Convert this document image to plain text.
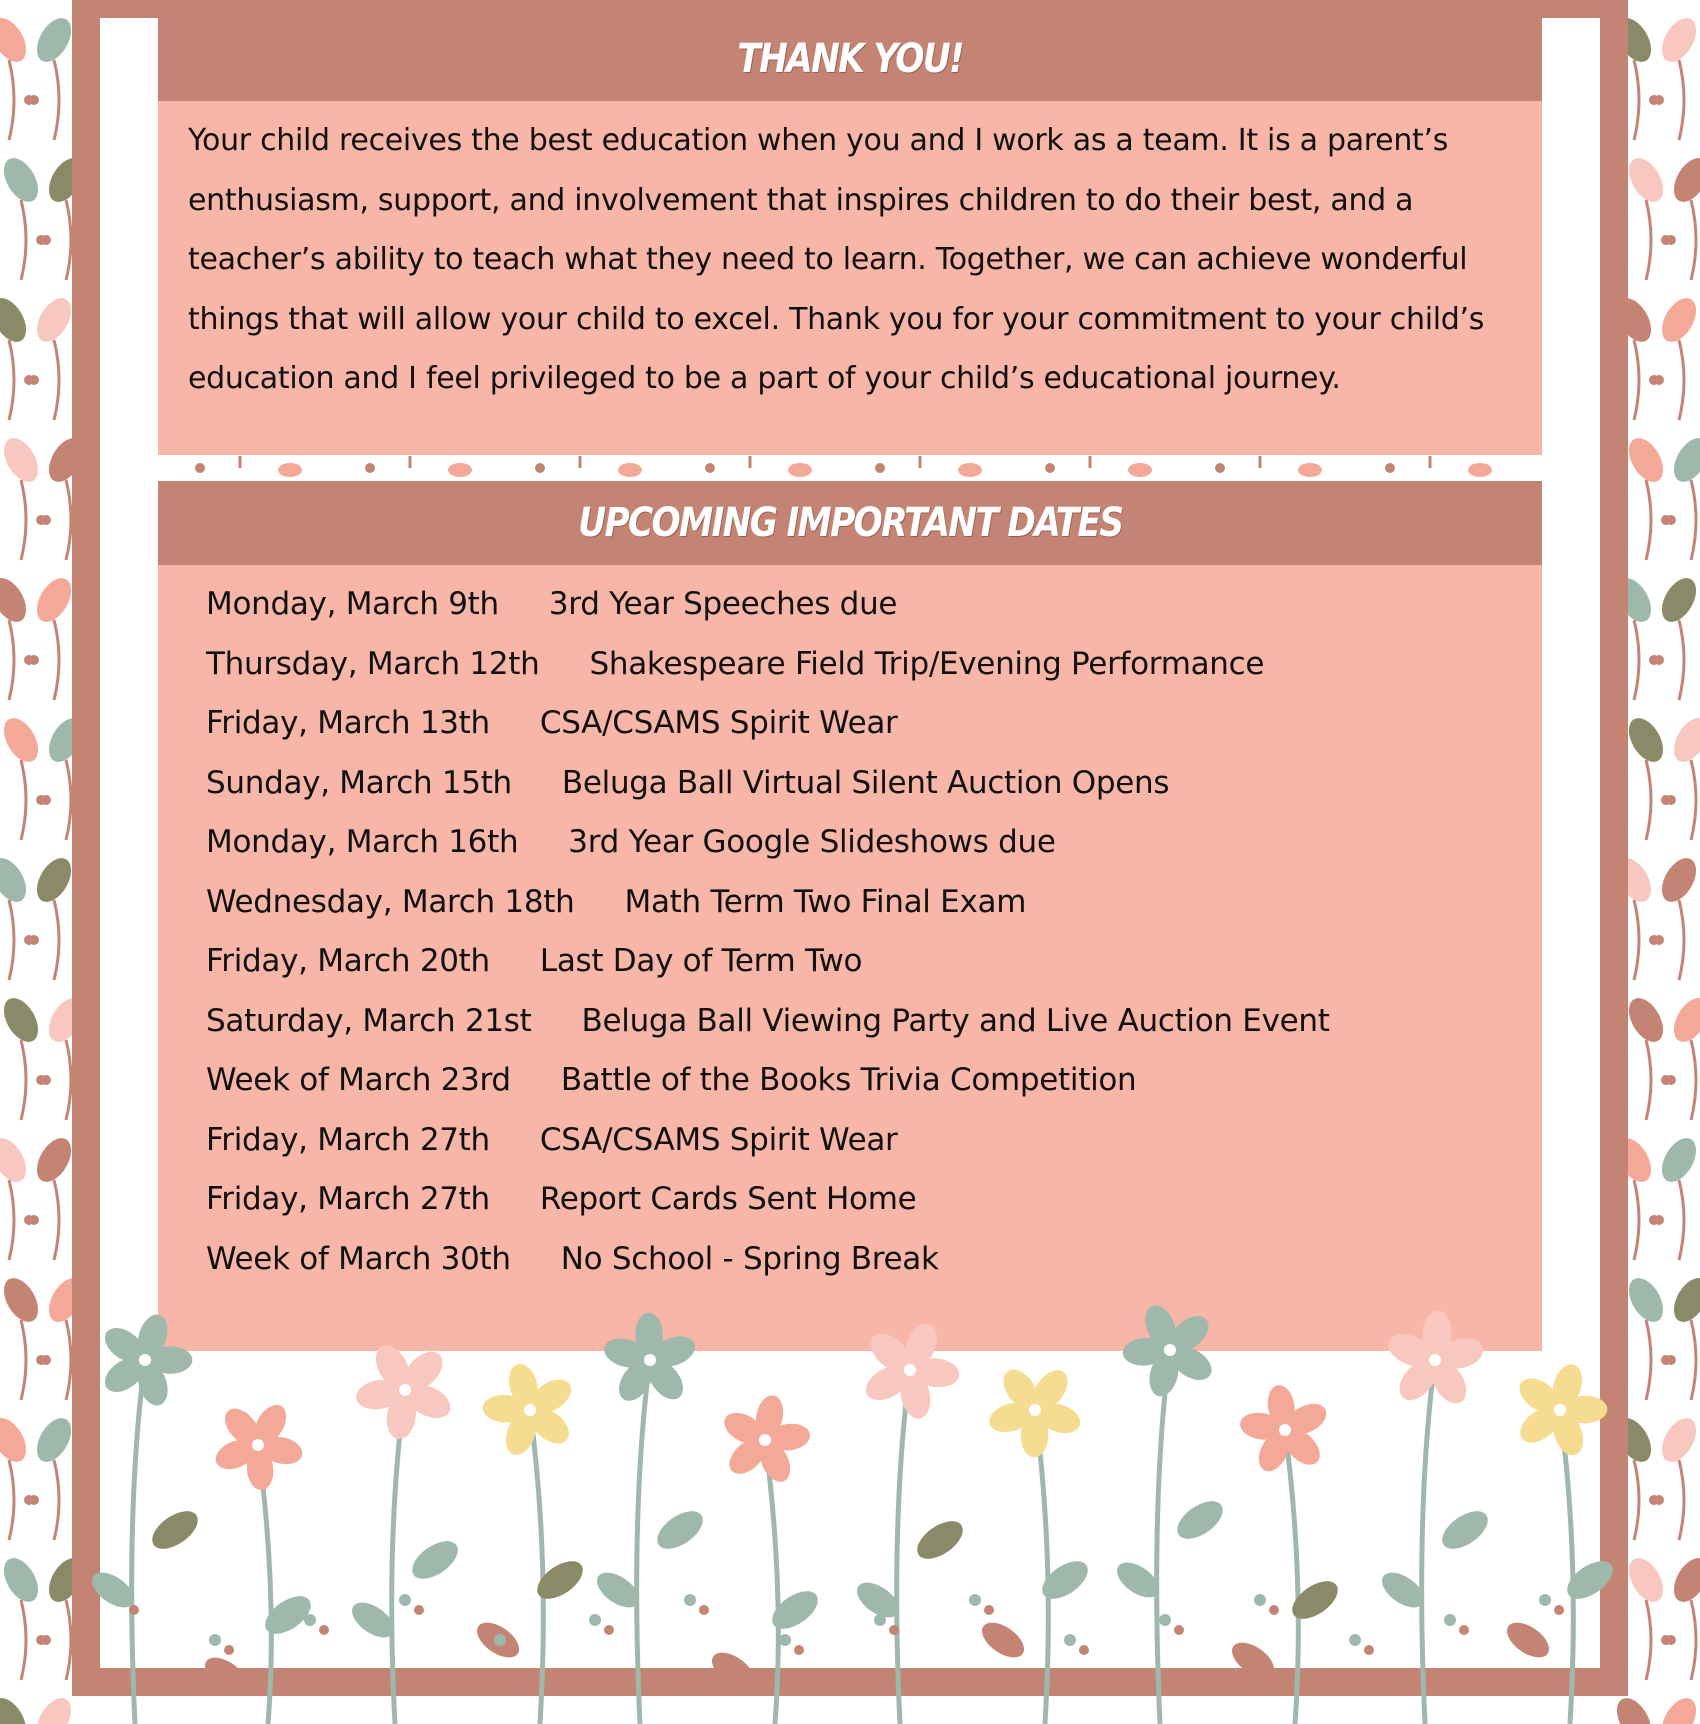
THANK YOU!

Your child receives the best education when you and I work as a team. It is a parent’s enthusiasm, support, and involvement that inspires children to do their best, and a teacher’s ability to teach what they need to learn. Together, we can achieve wonderful things that will allow your child to excel. Thank you for your commitment to your child’s education and I feel privileged to be a part of your child’s educational journey.

UPCOMING IMPORTANT DATES
Monday, March 9th 3rd Year Speeches due
Thursday, March 12th Shakespeare Field Trip/Evening Performance
Friday, March 13th CSA/CSAMS Spirit Wear
Sunday, March 15th Beluga Ball Virtual Silent Auction Opens
Monday, March 16th 3rd Year Google Slideshows due
Wednesday, March 18th Math Term Two Final Exam
Friday, March 20th Last Day of Term Two
Saturday, March 21st Beluga Ball Viewing Party and Live Auction Event
Week of March 23rd Battle of the Books Trivia Competition
Friday, March 27th CSA/CSAMS Spirit Wear
Friday, March 27th Report Cards Sent Home
Week of March 30th No School - Spring Break
